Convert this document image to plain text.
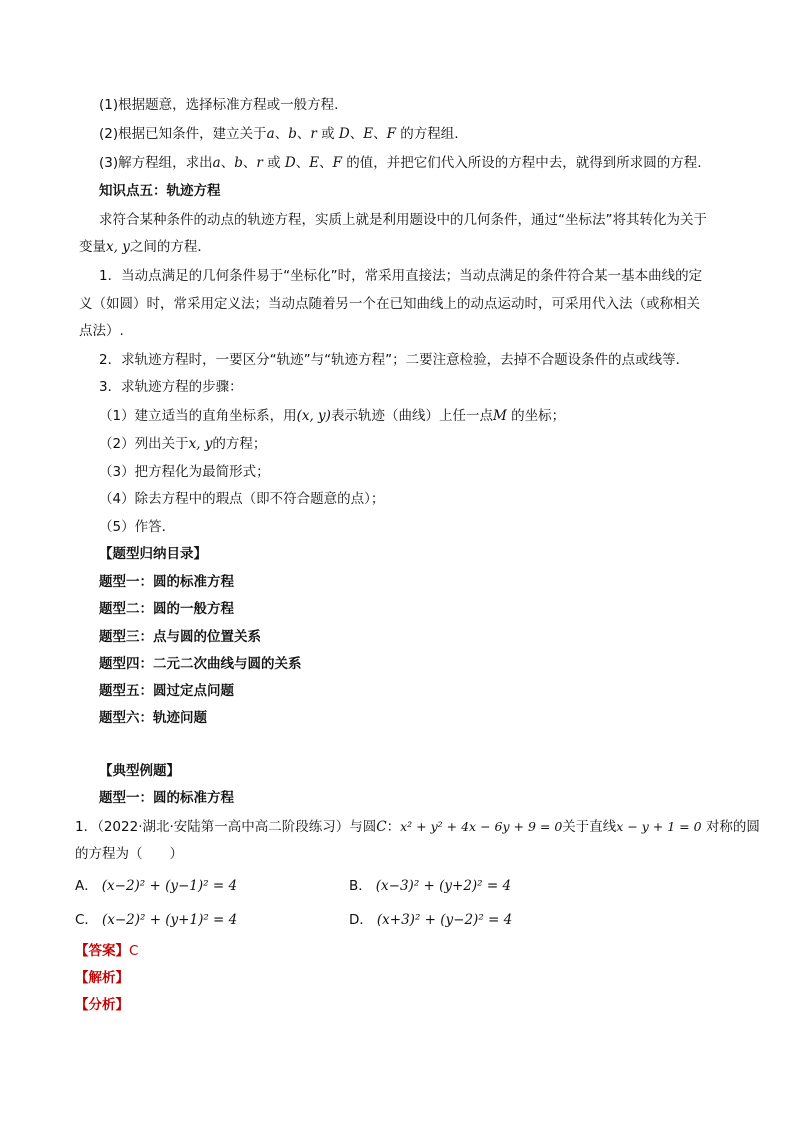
(1)根据题意，选择标准方程或一般方程.
(2)根据已知条件，建立关于a、b、r 或 D、E、F 的方程组.
(3)解方程组，求出a、b、r 或 D、E、F 的值，并把它们代入所设的方程中去，就得到所求圆的方程.
知识点五：轨迹方程
求符合某种条件的动点的轨迹方程，实质上就是利用题设中的几何条件，通过“坐标法”将其转化为关于
变量x, y之间的方程．
1．当动点满足的几何条件易于“坐标化”时，常采用直接法；当动点满足的条件符合某一基本曲线的定
义（如圆）时，常采用定义法；当动点随着另一个在已知曲线上的动点运动时，可采用代入法（或称相关
点法）.
2．求轨迹方程时，一要区分“轨迹”与“轨迹方程”；二要注意检验，去掉不合题设条件的点或线等．
3．求轨迹方程的步骤：
（1）建立适当的直角坐标系，用(x, y)表示轨迹（曲线）上任一点M 的坐标；
（2）列出关于x, y的方程；
（3）把方程化为最简形式；
（4）除去方程中的瑕点（即不符合题意的点）；
（5）作答．
【题型归纳目录】
题型一：圆的标准方程
题型二：圆的一般方程
题型三：点与圆的位置关系
题型四：二元二次曲线与圆的关系
题型五：圆过定点问题
题型六：轨迹问题
【典型例题】
题型一：圆的标准方程
1．（2022·湖北·安陆第一高中高二阶段练习）与圆C：x² + y² + 4x − 6y + 9 = 0关于直线x − y + 1 = 0 对称的圆
的方程为（　　）
A． (x−2)² + (y−1)² = 4	B． (x−3)² + (y+2)² = 4
C． (x−2)² + (y+1)² = 4	D． (x+3)² + (y−2)² = 4
【答案】C
【解析】
【分析】
